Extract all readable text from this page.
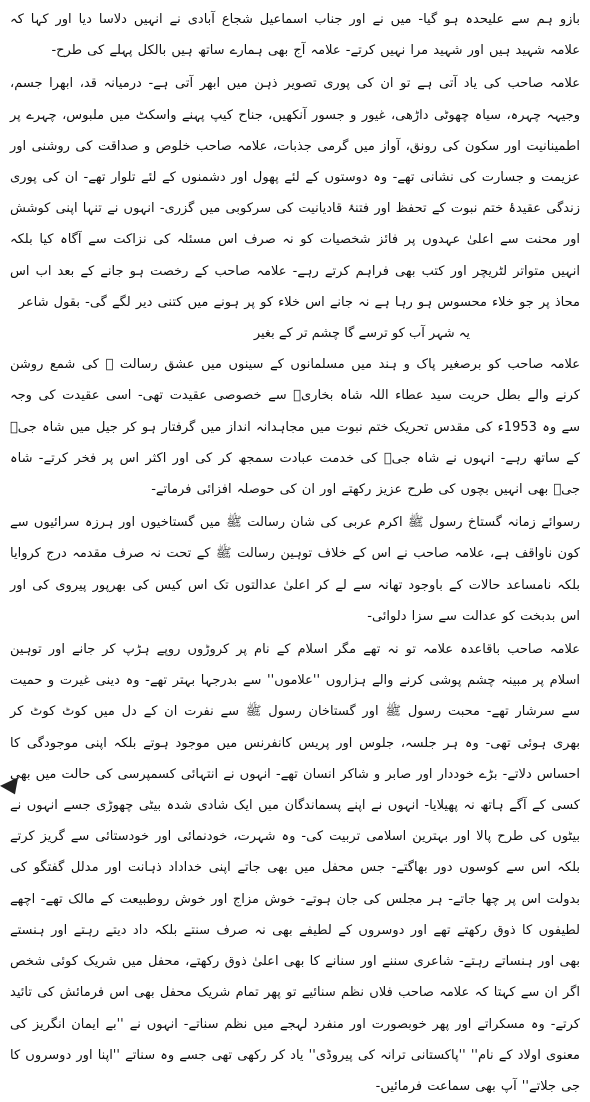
بازو ہم سے علیحدہ ہو گیا- میں نے اور جناب اسماعیل شجاع آبادی نے انہیں دلاسا دیا اور کہا کہ علامہ شہید ہیں اور شہید مرا نہیں کرتے- علامہ آج بھی ہمارے ساتھ ہیں بالکل پہلے کی طرح-

علامہ صاحب کی یاد آتی ہے تو ان کی پوری تصویر ذہن میں ابھر آتی ہے- درمیانہ قد، ابھرا جسم، وجیہہ چہرہ، سیاہ چھوٹی داڑھی، غیور و جسور آنکھیں، جناح کیپ پہنے واسکٹ میں ملبوس، چہرے پر اطمینانیت اور سکون کی رونق، آواز میں گرمی جذبات، علامہ صاحب خلوص و صداقت کی روشنی اور عزیمت و جسارت کی نشانی تھے- وہ دوستوں کے لئے پھول اور دشمنوں کے لئے تلوار تھے- ان کی پوری زندگی عقیدۂ ختم نبوت کے تحفظ اور فتنۂ قادیانیت کی سرکوبی میں گزری- انہوں نے تنہا اپنی کوشش اور محنت سے اعلیٰ عہدوں پر فائز شخصیات کو نہ صرف اس مسئلہ کی نزاکت سے آگاہ کیا بلکہ انہیں متواتر لٹریچر اور کتب بھی فراہم کرتے رہے- علامہ صاحب کے رخصت ہو جانے کے بعد اب اس محاذ پر جو خلاء محسوس ہو رہا ہے نہ جانے اس خلاء کو پر ہونے میں کتنی دیر لگے گی- بقول شاعر

یہ شہر آب کو ترسے گا چشم تر کے بغیر

علامہ صاحب کو برصغیر پاک و ہند میں مسلمانوں کے سینوں میں عشق رسالت ﷺ کی شمع روشن کرنے والے بطل حریت سید عطاء اللہ شاہ بخاریؒ سے خصوصی عقیدت تھی- اسی عقیدت کی وجہ سے وہ 1953ء کی مقدس تحریک ختم نبوت میں مجاہدانہ انداز میں گرفتار ہو کر جیل میں شاہ جیؒ کے ساتھ رہے- انہوں نے شاہ جیؒ کی خدمت عبادت سمجھ کر کی اور اکثر اس پر فخر کرتے- شاہ جیؒ بھی انہیں بچوں کی طرح عزیز رکھتے اور ان کی حوصلہ افزائی فرماتے-

رسوائے زمانہ گستاخ رسول ﷺ اکرم عربی کی شان رسالت ﷺ میں گستاخیوں اور ہرزہ سرائیوں سے کون ناواقف ہے، علامہ صاحب نے اس کے خلاف توہین رسالت ﷺ کے تحت نہ صرف مقدمہ درج کروایا بلکہ نامساعد حالات کے باوجود تھانہ سے لے کر اعلیٰ عدالتوں تک اس کیس کی بھرپور پیروی کی اور اس بدبخت کو عدالت سے سزا دلوائی-

علامہ صاحب باقاعدہ علامہ تو نہ تھے مگر اسلام کے نام پر کروڑوں روپے ہڑپ کر جانے اور توہین اسلام پر مبینہ چشم پوشی کرنے والے ہزاروں ''علاموں'' سے بدرجہا بہتر تھے- وہ دینی غیرت و حمیت سے سرشار تھے- محبت رسول ﷺ اور گستاخان رسول ﷺ سے نفرت ان کے دل میں کوٹ کوٹ کر بھری ہوئی تھی- وہ ہر جلسہ، جلوس اور پریس کانفرنس میں موجود ہوتے بلکہ اپنی موجودگی کا احساس دلاتے- بڑے خوددار اور صابر و شاکر انسان تھے- انہوں نے انتہائی کسمپرسی کی حالت میں بھی کسی کے آگے ہاتھ نہ پھیلایا- انہوں نے اپنے پسماندگان میں ایک شادی شدہ بیٹی چھوڑی جسے انہوں نے بیٹوں کی طرح پالا اور بہترین اسلامی تربیت کی- وہ شہرت، خودنمائی اور خودستائی سے گریز کرتے بلکہ اس سے کوسوں دور بھاگتے- جس محفل میں بھی جاتے اپنی خداداد ذہانت اور مدلل گفتگو کی بدولت اس پر چھا جاتے- ہر مجلس کی جان ہوتے- خوش مزاج اور خوش روطبیعت کے مالک تھے- اچھے لطیفوں کا ذوق رکھتے تھے اور دوسروں کے لطیفے بھی نہ صرف سنتے بلکہ داد دیتے رہتے اور ہنستے بھی اور ہنساتے رہتے- شاعری سننے اور سنانے کا بھی اعلیٰ ذوق رکھتے، محفل میں شریک کوئی شخص اگر ان سے کہتا کہ علامہ صاحب فلاں نظم سنائیے تو پھر تمام شریک محفل بھی اس فرمائش کی تائید کرتے- وہ مسکراتے اور پھر خوبصورت اور منفرد لہجے میں نظم سناتے- انہوں نے ''بے ایمان انگریز کی معنوی اولاد کے نام'' ''پاکستانی ترانہ کی پیروڈی'' یاد کر رکھی تھی جسے وہ سناتے ''اپنا اور دوسروں کا جی جلاتے'' آپ بھی سماعت فرمائیں-
